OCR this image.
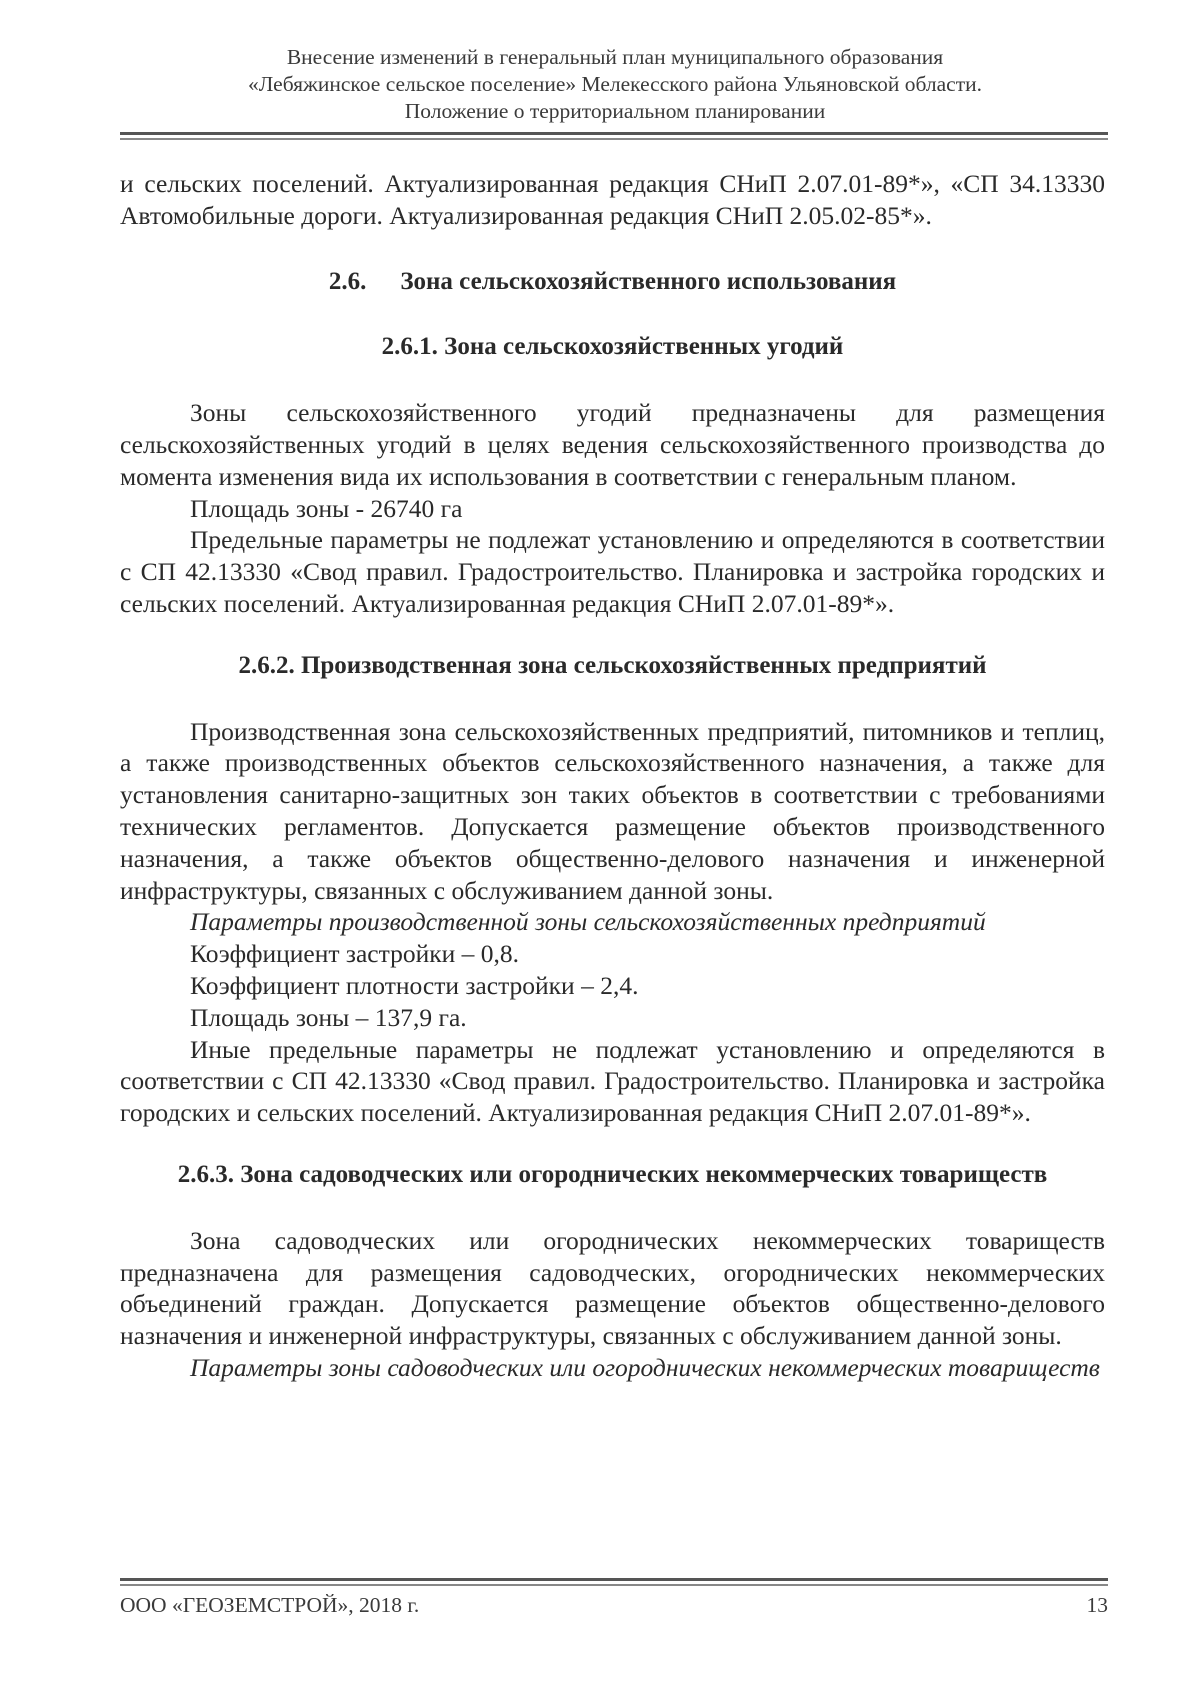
Внесение изменений в генеральный план муниципального образования
«Лебяжинское сельское поселение» Мелекесского района Ульяновской области.
Положение о территориальном планировании

и сельских поселений. Актуализированная редакция СНиП 2.07.01-89*», «СП 34.13330 Автомобильные дороги. Актуализированная редакция СНиП 2.05.02-85*».

2.6. Зона сельскохозяйственного использования

2.6.1. Зона сельскохозяйственных угодий

Зоны сельскохозяйственного угодий предназначены для размещения сельскохозяйственных угодий в целях ведения сельскохозяйственного производства до момента изменения вида их использования в соответствии с генеральным планом.

Площадь зоны - 26740 га

Предельные параметры не подлежат установлению и определяются в соответствии с СП 42.13330 «Свод правил. Градостроительство. Планировка и застройка городских и сельских поселений. Актуализированная редакция СНиП 2.07.01-89*».

2.6.2. Производственная зона сельскохозяйственных предприятий

Производственная зона сельскохозяйственных предприятий, питомников и теплиц, а также производственных объектов сельскохозяйственного назначения, а также для установления санитарно-защитных зон таких объектов в соответствии с требованиями технических регламентов. Допускается размещение объектов производственного назначения, а также объектов общественно-делового назначения и инженерной инфраструктуры, связанных с обслуживанием данной зоны.

Параметры производственной зоны сельскохозяйственных предприятий

Коэффициент застройки – 0,8.

Коэффициент плотности застройки – 2,4.

Площадь зоны – 137,9 га.

Иные предельные параметры не подлежат установлению и определяются в соответствии с СП 42.13330 «Свод правил. Градостроительство. Планировка и застройка городских и сельских поселений. Актуализированная редакция СНиП 2.07.01-89*».

2.6.3. Зона садоводческих или огороднических некоммерческих товариществ

Зона садоводческих или огороднических некоммерческих товариществ предназначена для размещения садоводческих, огороднических некоммерческих объединений граждан. Допускается размещение объектов общественно-делового назначения и инженерной инфраструктуры, связанных с обслуживанием данной зоны.

Параметры зоны садоводческих или огороднических некоммерческих товариществ

ООО «ГЕОЗЕМСТРОЙ», 2018 г.	13
